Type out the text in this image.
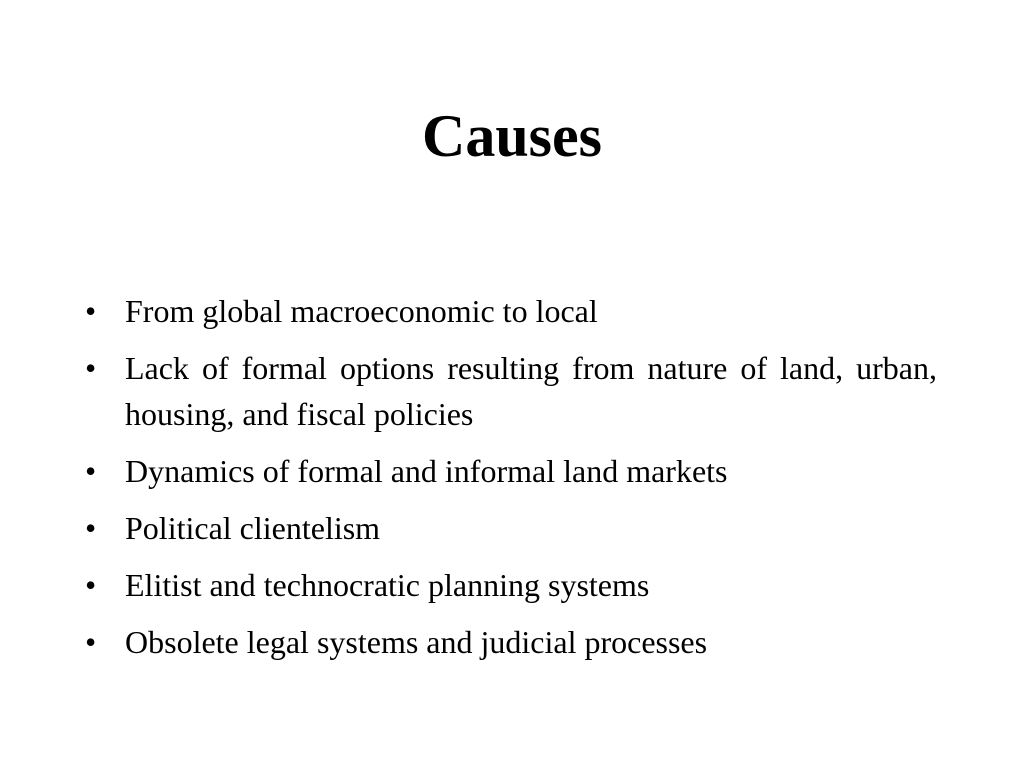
Causes
• From global macroeconomic to local
• Lack of formal options resulting from nature of land, urban, housing, and fiscal policies
• Dynamics of formal and informal land markets
• Political clientelism
• Elitist and technocratic planning systems
• Obsolete legal systems and judicial processes
